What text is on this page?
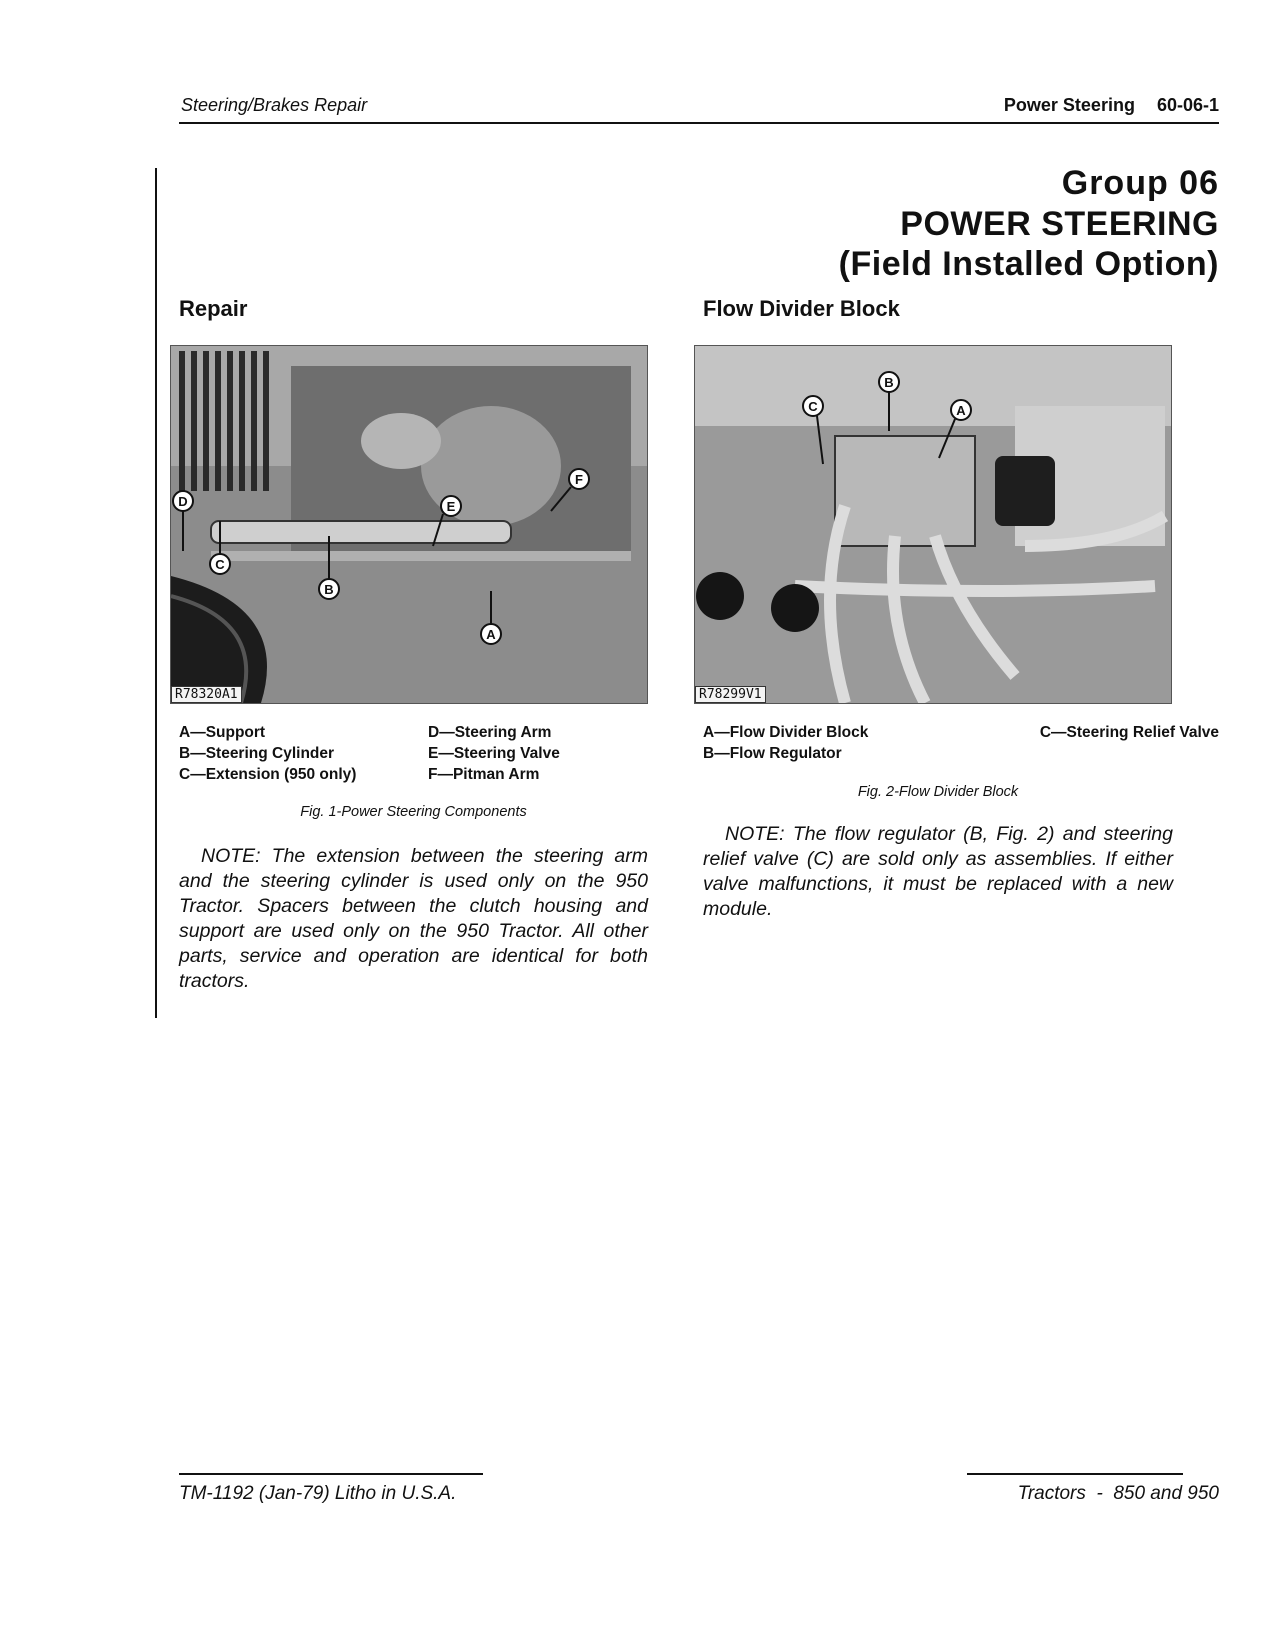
Steering/Brakes Repair	Power Steering 60-06-1
Group 06
POWER STEERING
(Field Installed Option)
Repair
D
C
B
E
F
A
R78320A1
A—Support
B—Steering Cylinder
C—Extension (950 only)
D—Steering Arm
E—Steering Valve
F—Pitman Arm
Fig. 1-Power Steering Components
NOTE: The extension between the steering arm and the steering cylinder is used only on the 950 Tractor. Spacers between the clutch housing and support are used only on the 950 Tractor. All other parts, service and operation are identical for both tractors.
Flow Divider Block
B
C	A
R78299V1
A—Flow Divider Block
B—Flow Regulator
C—Steering Relief Valve
Fig. 2-Flow Divider Block
NOTE: The flow regulator (B, Fig. 2) and steering relief valve (C) are sold only as assemblies. If either valve malfunctions, it must be replaced with a new module.
TM-1192 (Jan-79) Litho in U.S.A.	Tractors  -  850 and 950
